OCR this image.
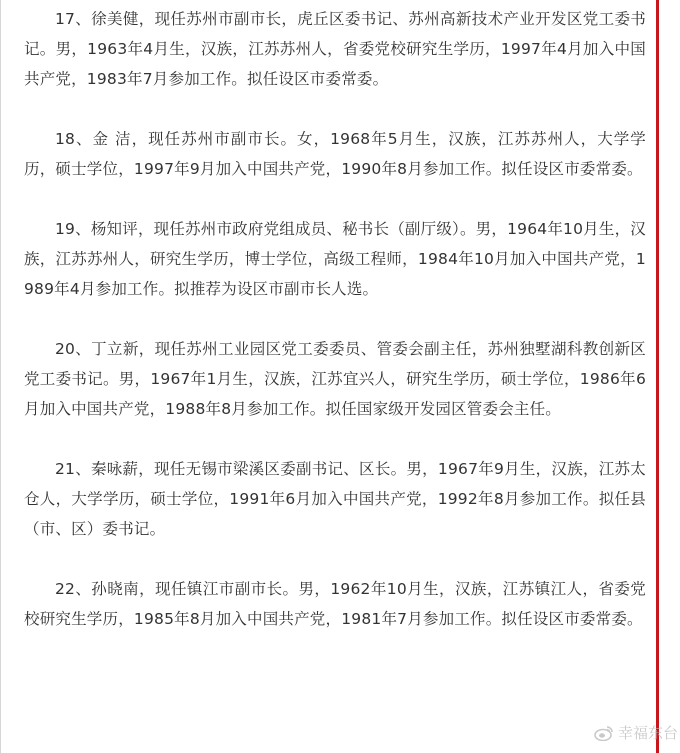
17、徐美健，现任苏州市副市长，虎丘区委书记、苏州高新技术产业开发区党工委书记。男，1963年4月生，汉族，江苏苏州人，省委党校研究生学历，1997年4月加入中国共产党，1983年7月参加工作。拟任设区市委常委。

18、金 洁，现任苏州市副市长。女，1968年5月生，汉族，江苏苏州人，大学学历，硕士学位，1997年9月加入中国共产党，1990年8月参加工作。拟任设区市委常委。

19、杨知评，现任苏州市政府党组成员、秘书长（副厅级）。男，1964年10月生，汉族，江苏苏州人，研究生学历，博士学位，高级工程师，1984年10月加入中国共产党，1989年4月参加工作。拟推荐为设区市副市长人选。

20、丁立新，现任苏州工业园区党工委委员、管委会副主任，苏州独墅湖科教创新区党工委书记。男，1967年1月生，汉族，江苏宜兴人，研究生学历，硕士学位，1986年6月加入中国共产党，1988年8月参加工作。拟任国家级开发园区管委会主任。

21、秦咏薪，现任无锡市梁溪区委副书记、区长。男，1967年9月生，汉族，江苏太仓人，大学学历，硕士学位，1991年6月加入中国共产党，1992年8月参加工作。拟任县（市、区）委书记。

22、孙晓南，现任镇江市副市长。男，1962年10月生，汉族，江苏镇江人，省委党校研究生学历，1985年8月加入中国共产党，1981年7月参加工作。拟任设区市委常委。

幸福东台
